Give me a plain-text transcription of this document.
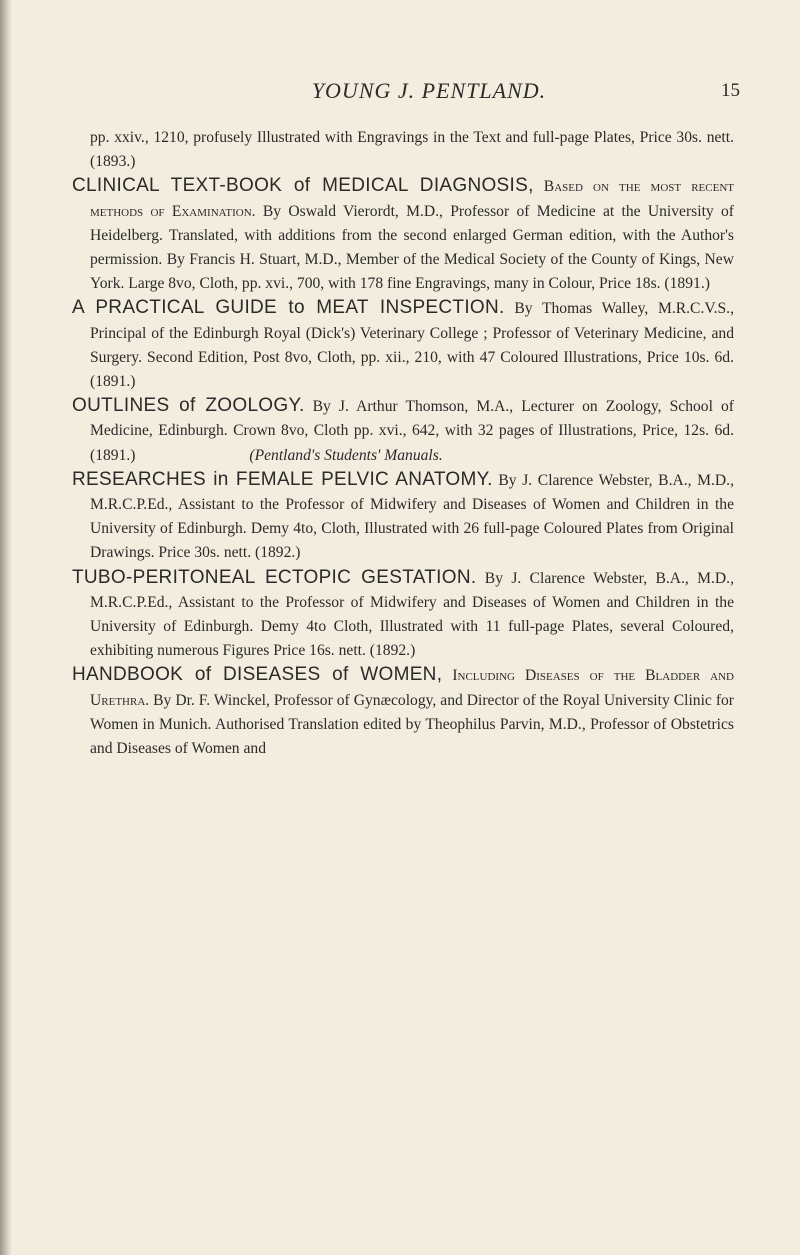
YOUNG J. PENTLAND.	15

pp. xxiv., 1210, profusely Illustrated with Engravings in the Text and full-page Plates, Price 30s. nett. (1893.)

CLINICAL TEXT-BOOK of MEDICAL DIAGNOSIS, Based on the most recent methods of Examination. By Oswald Vierordt, M.D., Professor of Medicine at the University of Heidelberg. Translated, with additions from the second enlarged German edition, with the Author's permission. By Francis H. Stuart, M.D., Member of the Medical Society of the County of Kings, New York. Large 8vo, Cloth, pp. xvi., 700, with 178 fine Engravings, many in Colour, Price 18s. (1891.)

A PRACTICAL GUIDE to MEAT INSPECTION. By Thomas Walley, M.R.C.V.S., Principal of the Edinburgh Royal (Dick's) Veterinary College ; Professor of Veterinary Medicine, and Surgery. Second Edition, Post 8vo, Cloth, pp. xii., 210, with 47 Coloured Illustrations, Price 10s. 6d. (1891.)

OUTLINES of ZOOLOGY. By J. Arthur Thomson, M.A., Lecturer on Zoology, School of Medicine, Edinburgh. Crown 8vo, Cloth pp. xvi., 642, with 32 pages of Illustrations, Price, 12s. 6d. (1891.)	(Pentland's Students' Manuals.

RESEARCHES in FEMALE PELVIC ANATOMY. By J. Clarence Webster, B.A., M.D., M.R.C.P.Ed., Assistant to the Professor of Midwifery and Diseases of Women and Children in the University of Edinburgh. Demy 4to, Cloth, Illustrated with 26 full-page Coloured Plates from Original Drawings. Price 30s. nett. (1892.)

TUBO-PERITONEAL ECTOPIC GESTATION. By J. Clarence Webster, B.A., M.D., M.R.C.P.Ed., Assistant to the Professor of Midwifery and Diseases of Women and Children in the University of Edinburgh. Demy 4to Cloth, Illustrated with 11 full-page Plates, several Coloured, exhibiting numerous Figures Price 16s. nett. (1892.)

HANDBOOK of DISEASES of WOMEN, Including Diseases of the Bladder and Urethra. By Dr. F. Winckel, Professor of Gynæcology, and Director of the Royal University Clinic for Women in Munich. Authorised Translation edited by Theophilus Parvin, M.D., Professor of Obstetrics and Diseases of Women and
